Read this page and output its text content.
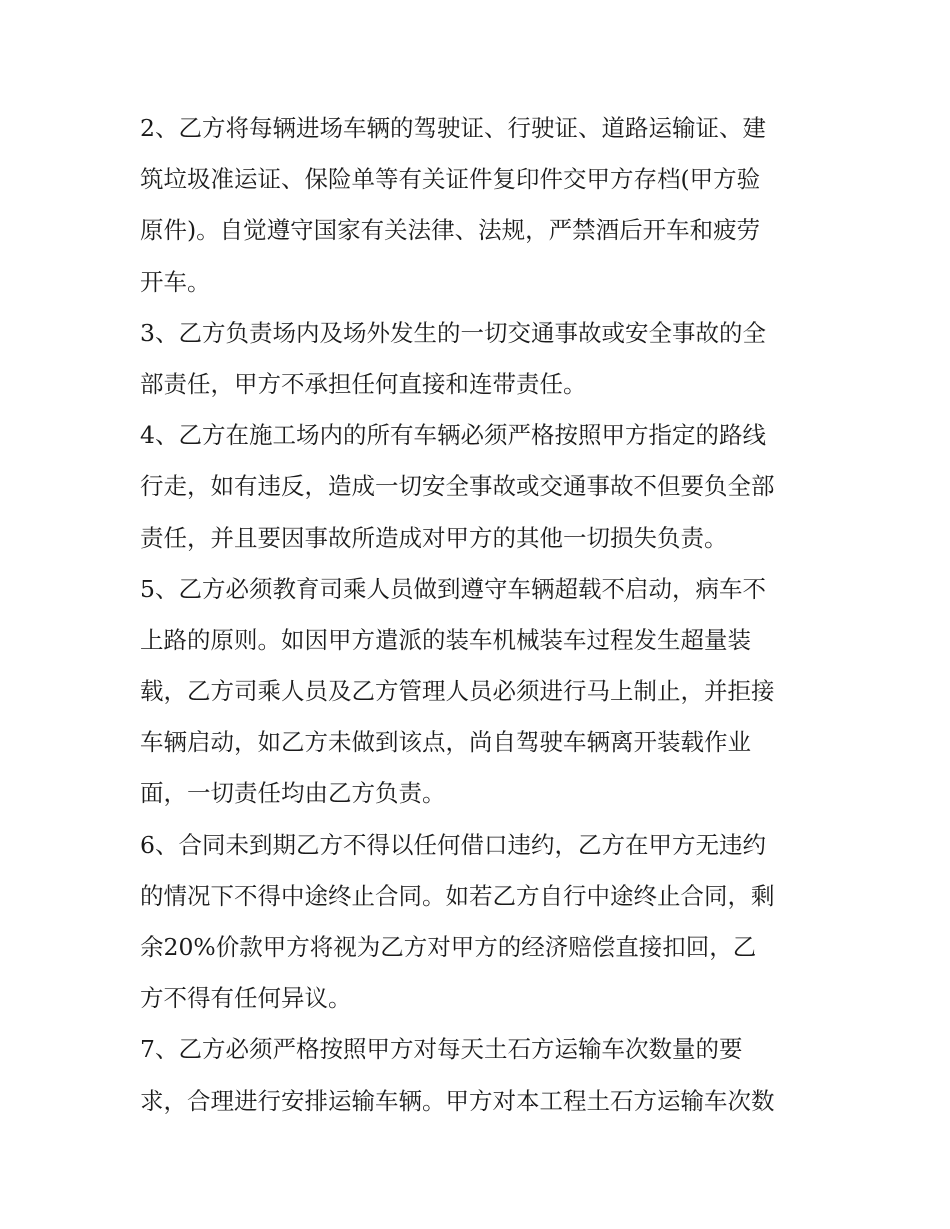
2、乙方将每辆进场车辆的驾驶证、行驶证、道路运输证、建
筑垃圾准运证、保险单等有关证件复印件交甲方存档(甲方验
原件)。自觉遵守国家有关法律、法规，严禁酒后开车和疲劳
开车。
3、乙方负责场内及场外发生的一切交通事故或安全事故的全
部责任，甲方不承担任何直接和连带责任。
4、乙方在施工场内的所有车辆必须严格按照甲方指定的路线
行走，如有违反，造成一切安全事故或交通事故不但要负全部
责任，并且要因事故所造成对甲方的其他一切损失负责。
5、乙方必须教育司乘人员做到遵守车辆超载不启动，病车不
上路的原则。如因甲方遣派的装车机械装车过程发生超量装
载，乙方司乘人员及乙方管理人员必须进行马上制止，并拒接
车辆启动，如乙方未做到该点，尚自驾驶车辆离开装载作业
面，一切责任均由乙方负责。
6、合同未到期乙方不得以任何借口违约，乙方在甲方无违约
的情况下不得中途终止合同。如若乙方自行中途终止合同，剩
余20%价款甲方将视为乙方对甲方的经济赔偿直接扣回，乙
方不得有任何异议。
7、乙方必须严格按照甲方对每天土石方运输车次数量的要
求，合理进行安排运输车辆。甲方对本工程土石方运输车次数
